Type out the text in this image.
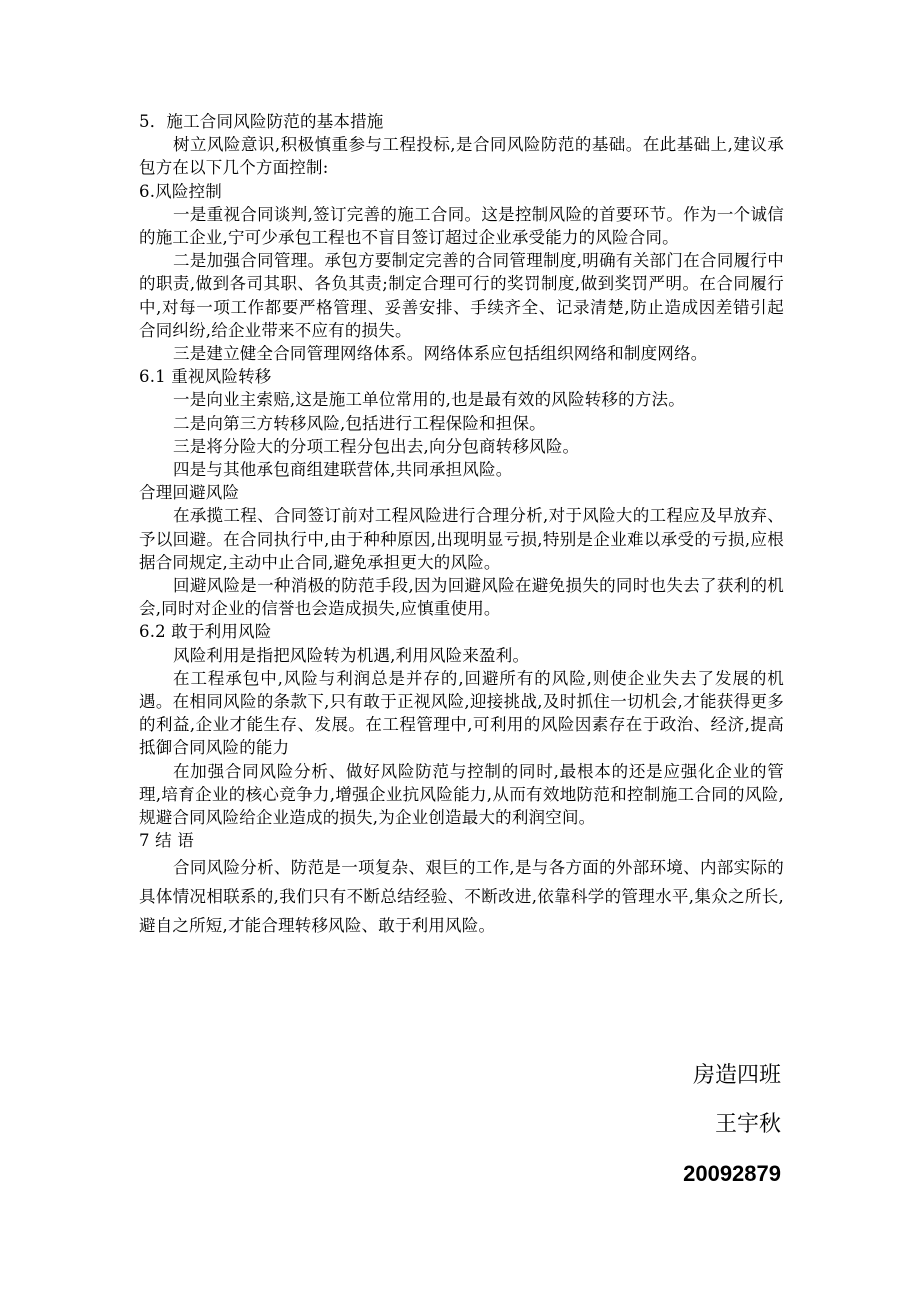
5．施工合同风险防范的基本措施
树立风险意识,积极慎重参与工程投标,是合同风险防范的基础。在此基础上,建议承包方在以下几个方面控制:
6.风险控制
一是重视合同谈判,签订完善的施工合同。这是控制风险的首要环节。作为一个诚信的施工企业,宁可少承包工程也不盲目签订超过企业承受能力的风险合同。
二是加强合同管理。承包方要制定完善的合同管理制度,明确有关部门在合同履行中的职责,做到各司其职、各负其责;制定合理可行的奖罚制度,做到奖罚严明。在合同履行中,对每一项工作都要严格管理、妥善安排、手续齐全、记录清楚,防止造成因差错引起合同纠纷,给企业带来不应有的损失。
三是建立健全合同管理网络体系。网络体系应包括组织网络和制度网络。
6.1 重视风险转移
一是向业主索赔,这是施工单位常用的,也是最有效的风险转移的方法。
二是向第三方转移风险,包括进行工程保险和担保。
三是将分险大的分项工程分包出去,向分包商转移风险。
四是与其他承包商组建联营体,共同承担风险。
合理回避风险
在承揽工程、合同签订前对工程风险进行合理分析,对于风险大的工程应及早放弃、予以回避。在合同执行中,由于种种原因,出现明显亏损,特别是企业难以承受的亏损,应根据合同规定,主动中止合同,避免承担更大的风险。
回避风险是一种消极的防范手段,因为回避风险在避免损失的同时也失去了获利的机会,同时对企业的信誉也会造成损失,应慎重使用。
6.2 敢于利用风险
风险利用是指把风险转为机遇,利用风险来盈利。
在工程承包中,风险与利润总是并存的,回避所有的风险,则使企业失去了发展的机遇。在相同风险的条款下,只有敢于正视风险,迎接挑战,及时抓住一切机会,才能获得更多的利益,企业才能生存、发展。在工程管理中,可利用的风险因素存在于政治、经济,提高抵御合同风险的能力
在加强合同风险分析、做好风险防范与控制的同时,最根本的还是应强化企业的管理,培育企业的核心竞争力,增强企业抗风险能力,从而有效地防范和控制施工合同的风险,规避合同风险给企业造成的损失,为企业创造最大的利润空间。
7 结 语
合同风险分析、防范是一项复杂、艰巨的工作,是与各方面的外部环境、内部实际的具体情况相联系的,我们只有不断总结经验、不断改进,依靠科学的管理水平,集众之所长,避自之所短,才能合理转移风险、敢于利用风险。
房造四班
王宇秋
20092879
